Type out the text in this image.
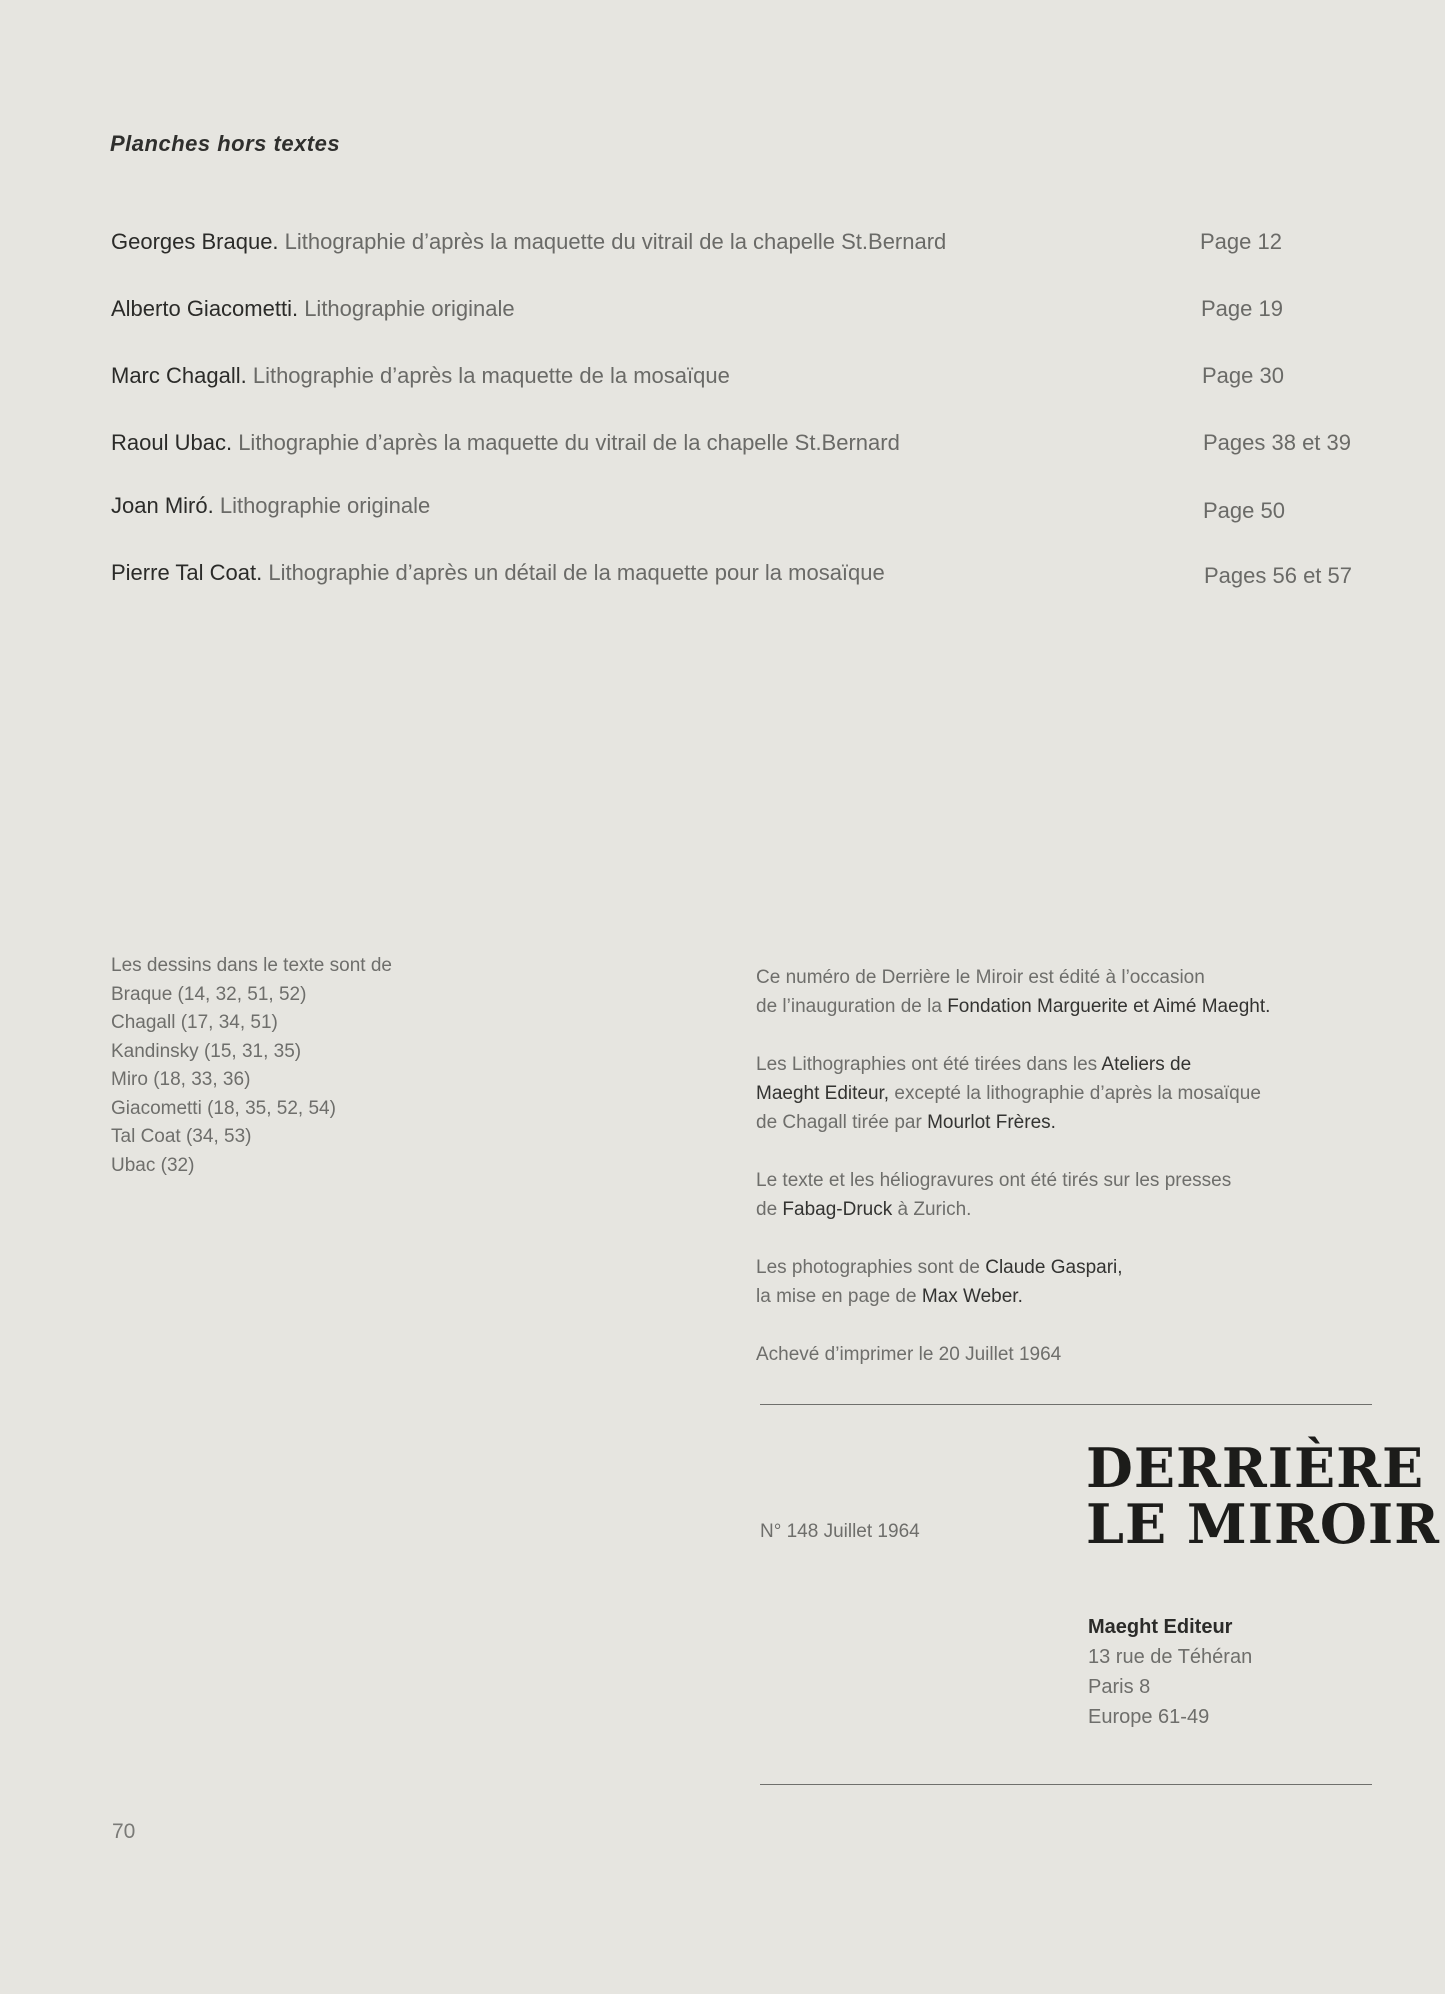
Planches hors textes
Georges Braque. Lithographie d’après la maquette du vitrail de la chapelle St.Bernard	Page 12
Alberto Giacometti. Lithographie originale	Page 19
Marc Chagall. Lithographie d’après la maquette de la mosaïque	Page 30
Raoul Ubac. Lithographie d’après la maquette du vitrail de la chapelle St.Bernard	Pages 38 et 39
Joan Miró. Lithographie originale	Page 50
Pierre Tal Coat. Lithographie d’après un détail de la maquette pour la mosaïque	Pages 56 et 57
Les dessins dans le texte sont de
Braque (14, 32, 51, 52)
Chagall (17, 34, 51)
Kandinsky (15, 31, 35)
Miro (18, 33, 36)
Giacometti (18, 35, 52, 54)
Tal Coat (34, 53)
Ubac (32)

Ce numéro de Derrière le Miroir est édité à l’occasion
de l’inauguration de la Fondation Marguerite et Aimé Maeght.

Les Lithographies ont été tirées dans les Ateliers de
Maeght Editeur, excepté la lithographie d’après la mosaïque
de Chagall tirée par Mourlot Frères.

Le texte et les héliogravures ont été tirés sur les presses
de Fabag-Druck à Zurich.

Les photographies sont de Claude Gaspari,
la mise en page de Max Weber.

Achevé d’imprimer le 20 Juillet 1964

N° 148 Juillet 1964
DERRIÈRE
LE MIROIR
Maeght Editeur
13 rue de Téhéran
Paris 8
Europe 61-49
70
